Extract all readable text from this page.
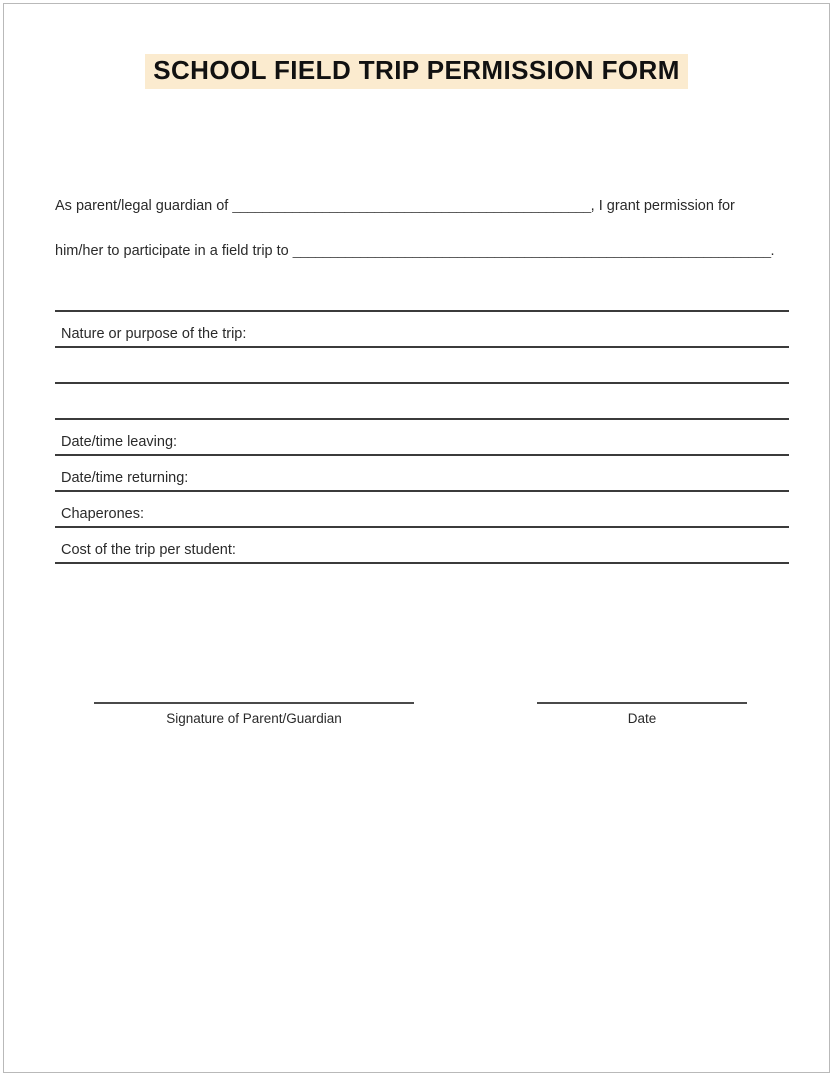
SCHOOL FIELD TRIP PERMISSION FORM
As parent/legal guardian of ________________________________________________, I grant permission for
him/her to participate in a field trip to ________________________________________________________________.
Nature or purpose of the trip:
Date/time leaving:
Date/time returning:
Chaperones:
Cost of the trip per student:
Signature of Parent/Guardian	Date
